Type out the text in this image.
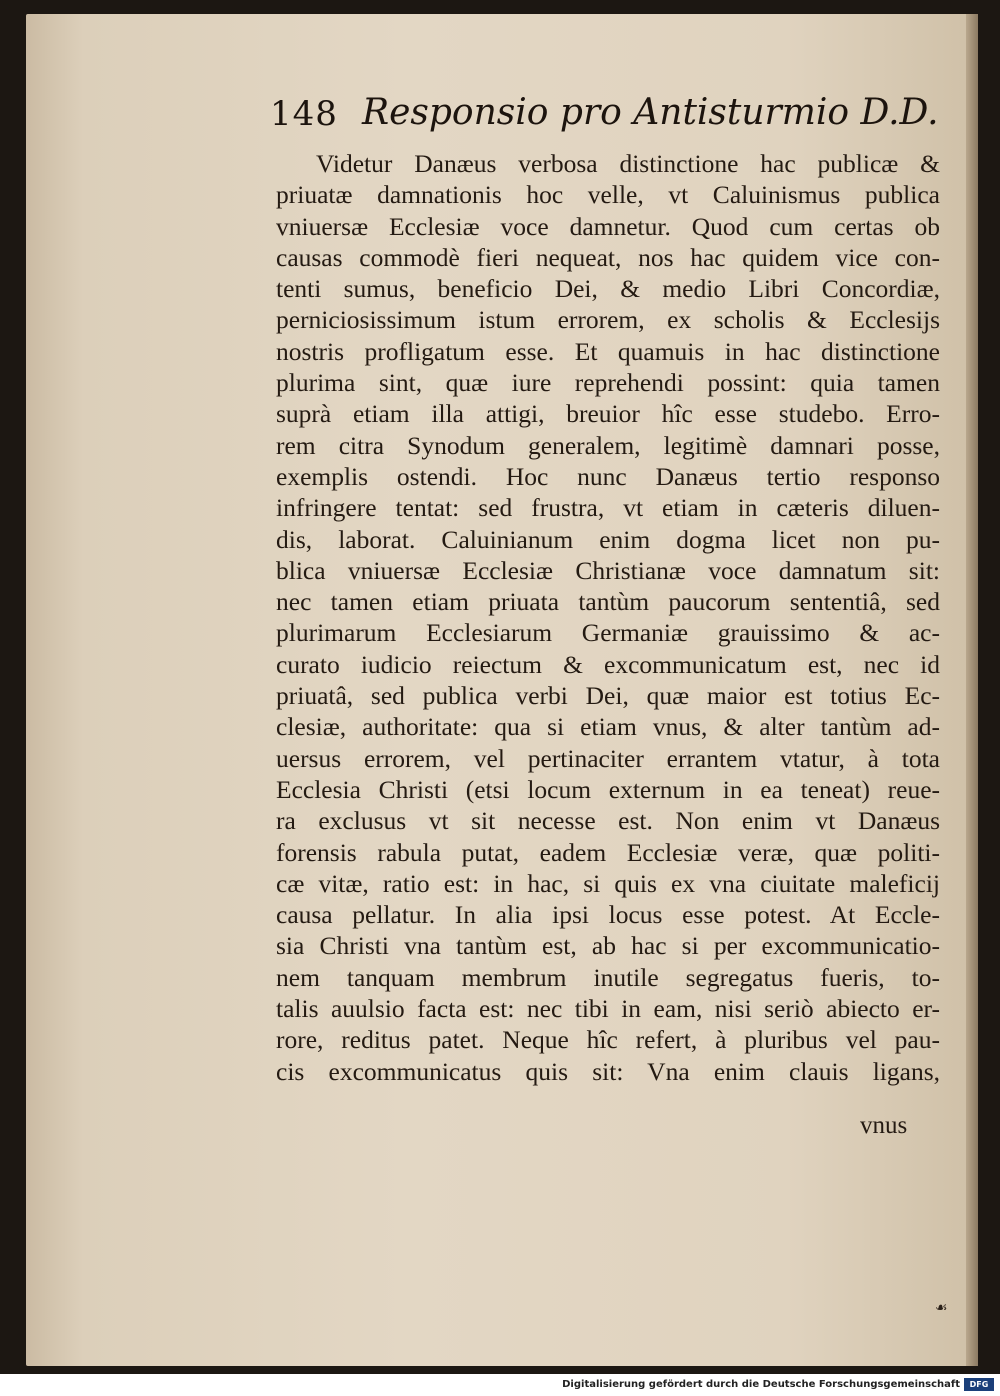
148 Responsio pro Antisturmio D.D.
Videtur Danæus verbosa distinctione hac publicæ &
priuatæ damnationis hoc velle, vt Caluinismus publica
vniuersæ Ecclesiæ voce damnetur. Quod cum certas ob
causas commodè fieri nequeat, nos hac quidem vice con-
tenti sumus, beneficio Dei, & medio Libri Concordiæ,
perniciosissimum istum errorem, ex scholis & Ecclesijs
nostris profligatum esse. Et quamuis in hac distinctione
plurima sint, quæ iure reprehendi possint: quia tamen
suprà etiam illa attigi, breuior hîc esse studebo. Erro-
rem citra Synodum generalem, legitimè damnari posse,
exemplis ostendi. Hoc nunc Danæus tertio responso
infringere tentat: sed frustra, vt etiam in cæteris diluen-
dis, laborat. Caluinianum enim dogma licet non pu-
blica vniuersæ Ecclesiæ Christianæ voce damnatum sit:
nec tamen etiam priuata tantùm paucorum sententiâ, sed
plurimarum Ecclesiarum Germaniæ grauissimo & ac-
curato iudicio reiectum & excommunicatum est, nec id
priuatâ, sed publica verbi Dei, quæ maior est totius Ec-
clesiæ, authoritate: qua si etiam vnus, & alter tantùm ad-
uersus errorem, vel pertinaciter errantem vtatur, à tota
Ecclesia Christi (etsi locum externum in ea teneat) reue-
ra exclusus vt sit necesse est. Non enim vt Danæus
forensis rabula putat, eadem Ecclesiæ veræ, quæ politi-
cæ vitæ, ratio est: in hac, si quis ex vna ciuitate maleficij
causa pellatur. In alia ipsi locus esse potest. At Eccle-
sia Christi vna tantùm est, ab hac si per excommunicatio-
nem tanquam membrum inutile segregatus fueris, to-
talis auulsio facta est: nec tibi in eam, nisi seriò abiecto er-
rore, reditus patet. Neque hîc refert, à pluribus vel pau-
cis excommunicatus quis sit: Vna enim clauis ligans,
vnus
☙
Digitalisierung gefördert durch die Deutsche Forschungsgemeinschaft	DFG
